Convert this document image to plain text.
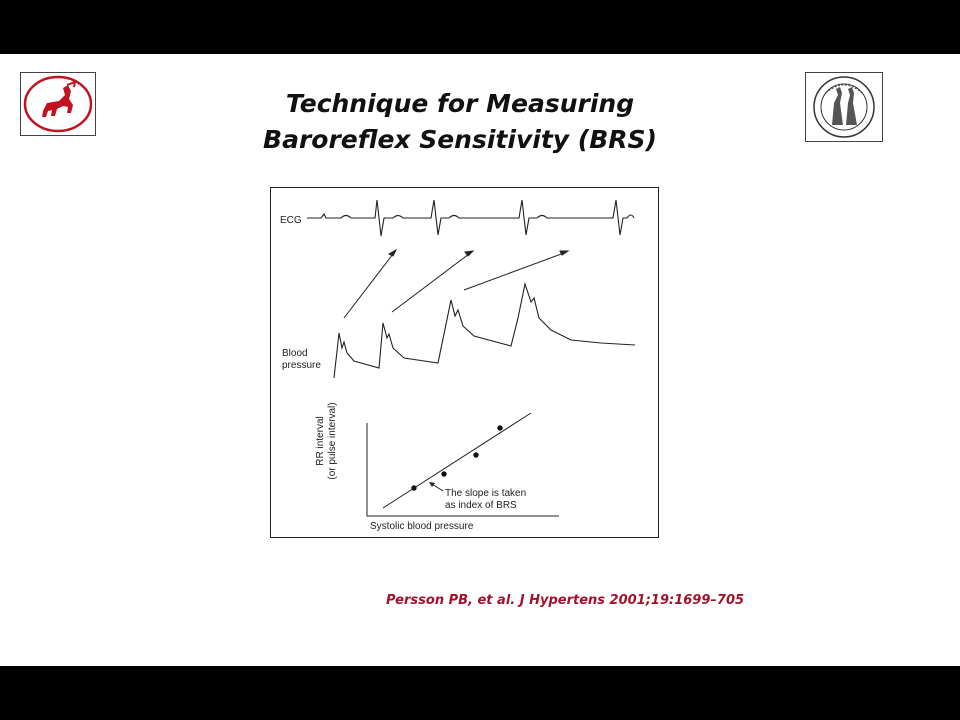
Technique for Measuring
Baroreflex Sensitivity (BRS)
ECG
Blood
pressure
RR interval (or pulse interval)
Systolic blood pressure
The slope is taken
as index of BRS
Persson PB, et al. J Hypertens 2001;19:1699–705
